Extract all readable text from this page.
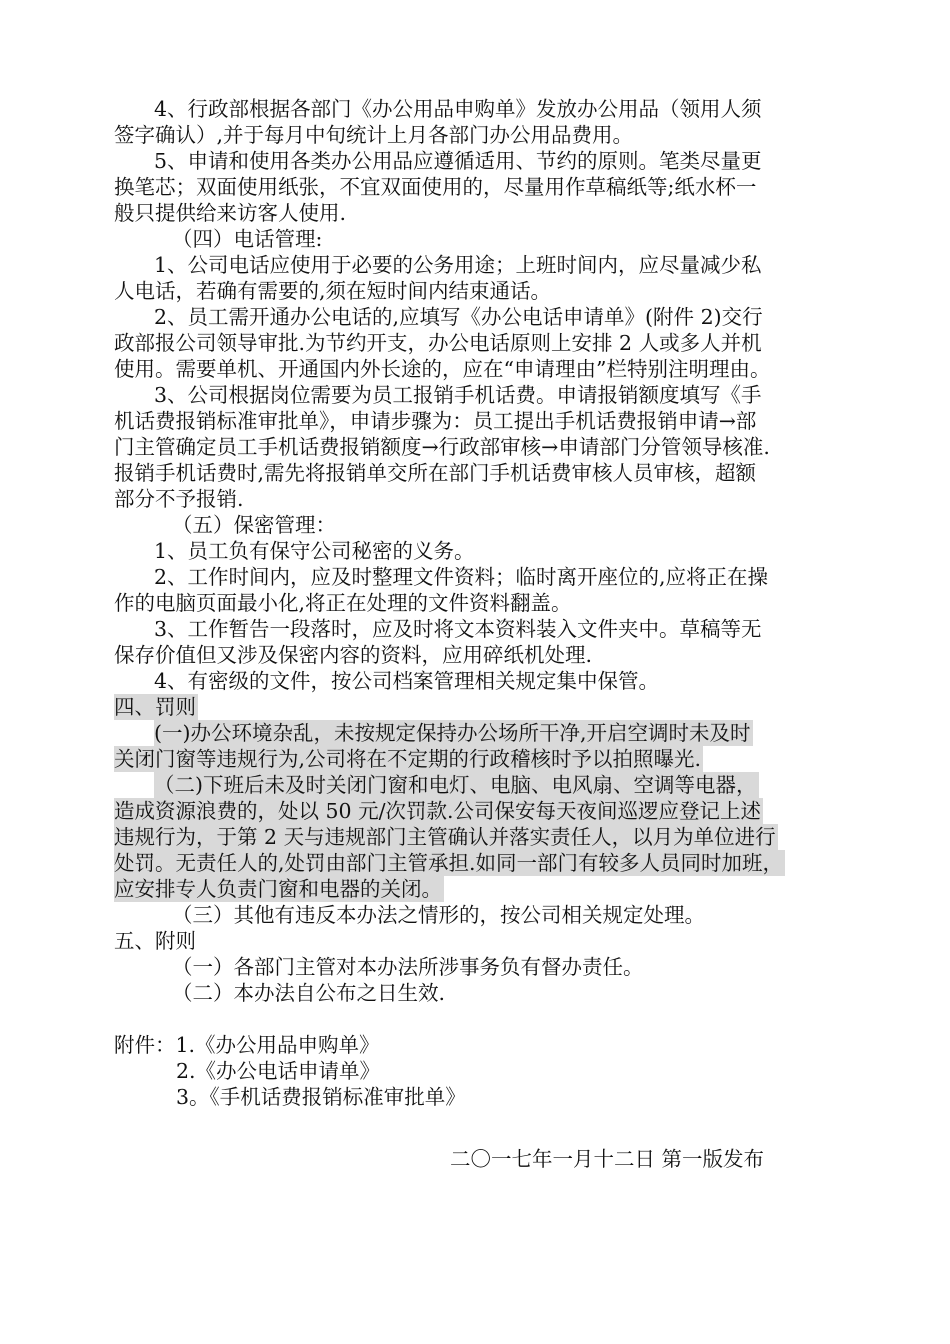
4、行政部根据各部门《办公用品申购单》发放办公用品（领用人须
签字确认）,并于每月中旬统计上月各部门办公用品费用。
5、申请和使用各类办公用品应遵循适用、节约的原则。笔类尽量更
换笔芯；双面使用纸张，不宜双面使用的，尽量用作草稿纸等;纸水杯一
般只提供给来访客人使用.
（四）电话管理:
1、公司电话应使用于必要的公务用途；上班时间内，应尽量减少私
人电话，若确有需要的,须在短时间内结束通话。
2、员工需开通办公电话的,应填写《办公电话申请单》(附件 2)交行
政部报公司领导审批.为节约开支，办公电话原则上安排 2 人或多人并机
使用。需要单机、开通国内外长途的，应在“申请理由”栏特别注明理由。
3、公司根据岗位需要为员工报销手机话费。申请报销额度填写《手
机话费报销标准审批单》，申请步骤为：员工提出手机话费报销申请→部
门主管确定员工手机话费报销额度→行政部审核→申请部门分管领导核准.
报销手机话费时,需先将报销单交所在部门手机话费审核人员审核，超额
部分不予报销.
（五）保密管理：
1、员工负有保守公司秘密的义务。
2、工作时间内，应及时整理文件资料；临时离开座位的,应将正在操
作的电脑页面最小化,将正在处理的文件资料翻盖。
3、工作暂告一段落时，应及时将文本资料装入文件夹中。草稿等无
保存价值但又涉及保密内容的资料，应用碎纸机处理.
4、有密级的文件，按公司档案管理相关规定集中保管。
四、罚则
(一)办公环境杂乱，未按规定保持办公场所干净,开启空调时未及时
关闭门窗等违规行为,公司将在不定期的行政稽核时予以拍照曝光.
（二)下班后未及时关闭门窗和电灯、电脑、电风扇、空调等电器，
造成资源浪费的，处以 50 元/次罚款.公司保安每天夜间巡逻应登记上述
违规行为，于第 2 天与违规部门主管确认并落实责任人，以月为单位进行
处罚。无责任人的,处罚由部门主管承担.如同一部门有较多人员同时加班，
应安排专人负责门窗和电器的关闭。
（三）其他有违反本办法之情形的，按公司相关规定处理。
五、附则
（一）各部门主管对本办法所涉事务负有督办责任。
（二）本办法自公布之日生效.
附件：1.《办公用品申购单》
2.《办公电话申请单》
3。《手机话费报销标准审批单》
二〇一七年一月十二日 第一版发布
